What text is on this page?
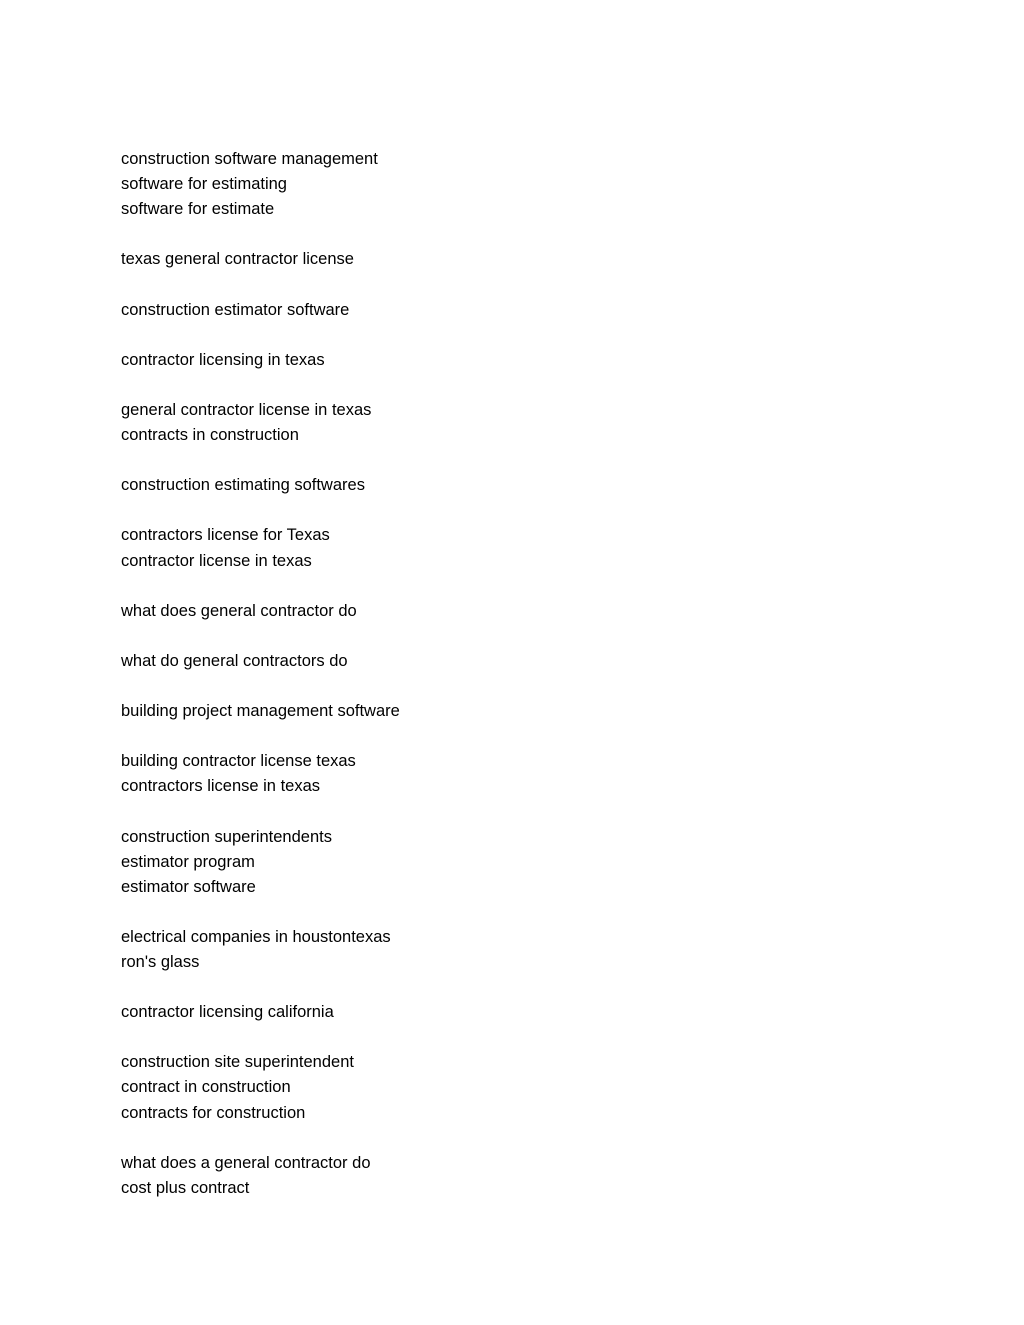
construction software management
software for estimating
software for estimate
texas general contractor license
construction estimator software
contractor licensing in texas
general contractor license in texas
contracts in construction
construction estimating softwares
contractors license for Texas
contractor license in texas
what does general contractor do
what do general contractors do
building project management software
building contractor license texas
contractors license in texas
construction superintendents
estimator program
estimator software
electrical companies in houstontexas
ron's glass
contractor licensing california
construction site superintendent
contract in construction
contracts for construction
what does a general contractor do
cost plus contract
